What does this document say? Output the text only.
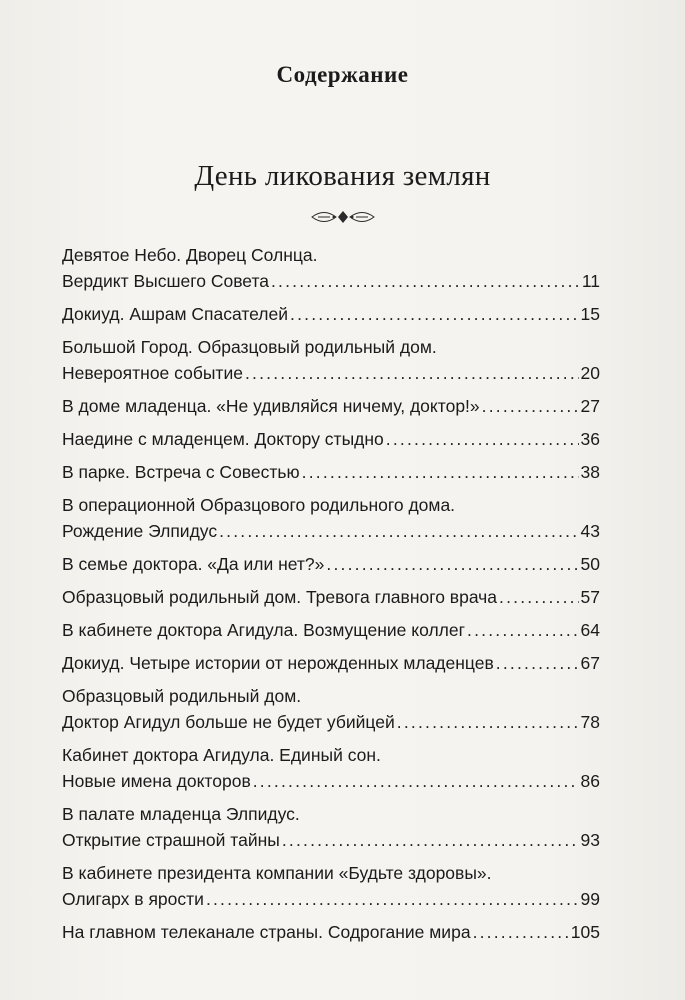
Содержание
День ликования землян
Девятое Небо. Дворец Солнца.
Вердикт Высшего Совета .....	11
Докиуд. Ашрам Спасателей .....	15
Большой Город. Образцовый родильный дом.
Невероятное событие .....	20
В доме младенца. «Не удивляйся ничему, доктор!» .....	27
Наедине с младенцем. Доктору стыдно .....	36
В парке. Встреча с Совестью .....	38
В операционной Образцового родильного дома.
Рождение Элпидус .....	43
В семье доктора. «Да или нет?» .....	50
Образцовый родильный дом. Тревога главного врача .....	57
В кабинете доктора Агидула. Возмущение коллег .....	64
Докиуд. Четыре истории от нерожденных младенцев .....	67
Образцовый родильный дом.
Доктор Агидул больше не будет убийцей .....	78
Кабинет доктора Агидула. Единый сон.
Новые имена докторов .....	86
В палате младенца Элпидус.
Открытие страшной тайны .....	93
В кабинете президента компании «Будьте здоровы».
Олигарх в ярости .....	99
На главном телеканале страны. Содрогание мира .....	105
